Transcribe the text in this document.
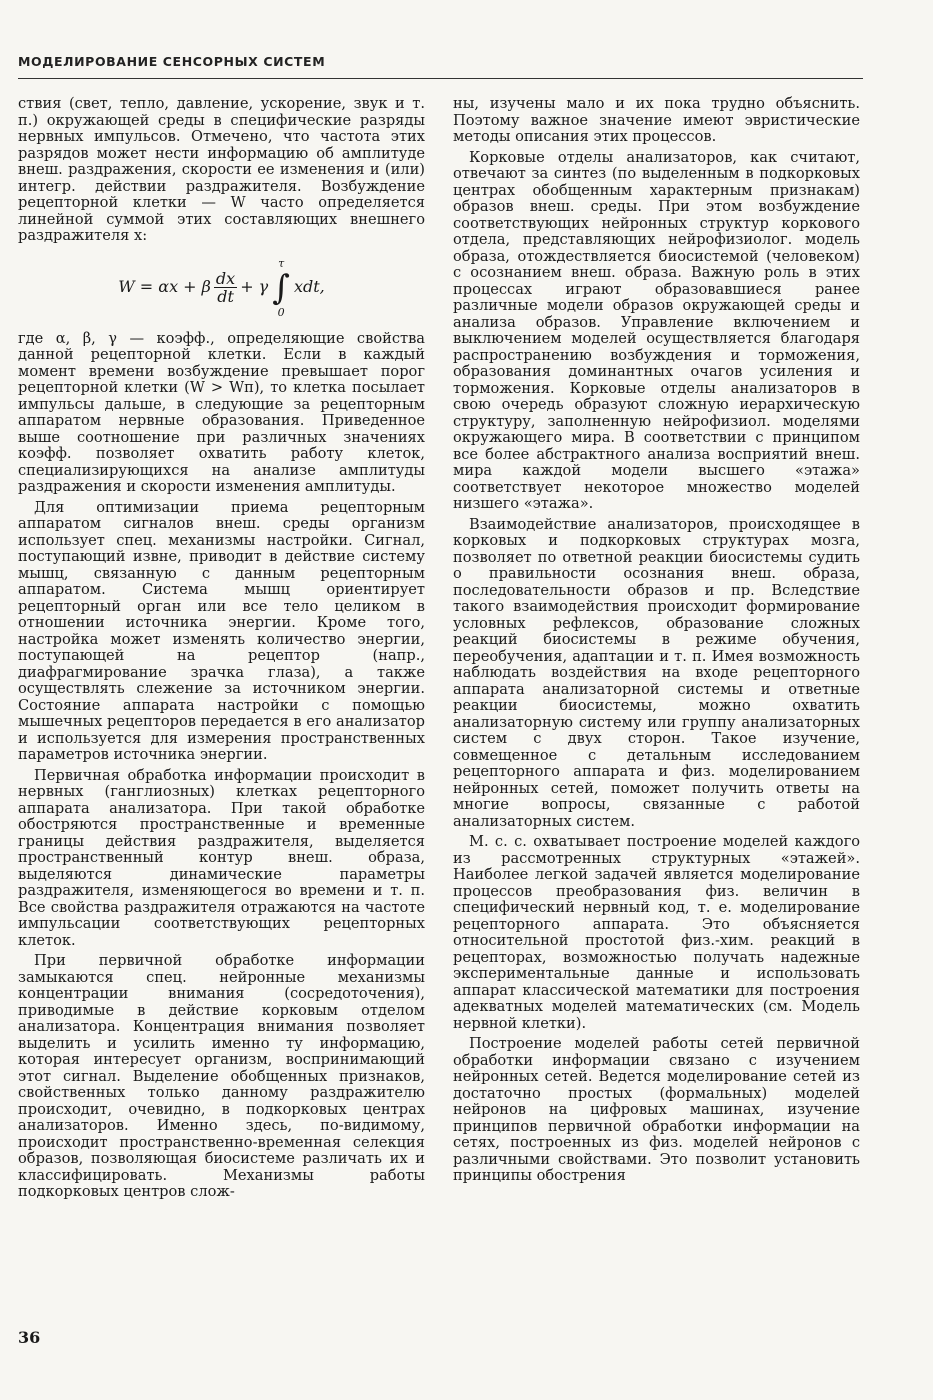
МОДЕЛИРОВАНИЕ СЕНСОРНЫХ СИСТЕМ

ствия (свет, тепло, давление, ускорение, звук и т. п.) окружающей среды в специфические разряды нервных импульсов. Отмечено, что частота этих разрядов может нести информацию об амплитуде внеш. раздражения, скорости ее изменения и (или) интегр. действии раздражителя. Возбуждение рецепторной клетки — W часто определяется линейной суммой этих составляющих внешнего раздражителя x:

W = αx + β $\frac{dx}{dt} + \gamma$
τ
∫
0
xdt,

где α, β, γ — коэфф., определяющие свойства данной рецепторной клетки. Если в каждый момент времени возбуждение превышает порог рецепторной клетки (W > Wп), то клетка посылает импульсы дальше, в следующие за рецепторным аппаратом нервные образования. Приведенное выше соотношение при различных значениях коэфф. позволяет охватить работу клеток, специализирующихся на анализе амплитуды раздражения и скорости изменения амплитуды.

Для оптимизации приема рецепторным аппаратом сигналов внеш. среды организм использует спец. механизмы настройки. Сигнал, поступающий извне, приводит в действие систему мышц, связанную с данным рецепторным аппаратом. Система мышц ориентирует рецепторный орган или все тело целиком в отношении источника энергии. Кроме того, настройка может изменять количество энергии, поступающей на рецептор (напр., диафрагмирование зрачка глаза), а также осуществлять слежение за источником энергии. Состояние аппарата настройки с помощью мышечных рецепторов передается в его анализатор и используется для измерения пространственных параметров источника энергии.

Первичная обработка информации происходит в нервных (ганглиозных) клетках рецепторного аппарата анализатора. При такой обработке обостряются пространственные и временные границы действия раздражителя, выделяется пространственный контур внеш. образа, выделяются динамические параметры раздражителя, изменяющегося во времени и т. п. Все свойства раздражителя отражаются на частоте импульсации соответствующих рецепторных клеток.

При первичной обработке информации замыкаются спец. нейронные механизмы концентрации внимания (сосредоточения), приводимые в действие корковым отделом анализатора. Концентрация внимания позволяет выделить и усилить именно ту информацию, которая интересует организм, воспринимающий этот сигнал. Выделение обобщенных признаков, свойственных только данному раздражителю происходит, очевидно, в подкорковых центрах анализаторов. Именно здесь, по-видимому, происходит пространственно-временная селекция образов, позволяющая биосистеме различать их и классифицировать. Механизмы работы подкорковых центров слож-

ны, изучены мало и их пока трудно объяснить. Поэтому важное значение имеют эвристические методы описания этих процессов.

Корковые отделы анализаторов, как считают, отвечают за синтез (по выделенным в подкорковых центрах обобщенным характерным признакам) образов внеш. среды. При этом возбуждение соответствующих нейронных структур коркового отдела, представляющих нейрофизиолог. модель образа, отождествляется биосистемой (человеком) с осознанием внеш. образа. Важную роль в этих процессах играют образовавшиеся ранее различные модели образов окружающей среды и анализа образов. Управление включением и выключением моделей осуществляется благодаря распространению возбуждения и торможения, образования доминантных очагов усиления и торможения. Корковые отделы анализаторов в свою очередь образуют сложную иерархическую структуру, заполненную нейрофизиол. моделями окружающего мира. В соответствии с принципом все более абстрактного анализа восприятий внеш. мира каждой модели высшего «этажа» соответствует некоторое множество моделей низшего «этажа».

Взаимодействие анализаторов, происходящее в корковых и подкорковых структурах мозга, позволяет по ответной реакции биосистемы судить о правильности осознания внеш. образа, последовательности образов и пр. Вследствие такого взаимодействия происходит формирование условных рефлексов, образование сложных реакций биосистемы в режиме обучения, переобучения, адаптации и т. п. Имея возможность наблюдать воздействия на входе рецепторного аппарата анализаторной системы и ответные реакции биосистемы, можно охватить анализаторную систему или группу анализаторных систем с двух сторон. Такое изучение, совмещенное с детальным исследованием рецепторного аппарата и физ. моделированием нейронных сетей, поможет получить ответы на многие вопросы, связанные с работой анализаторных систем.

М. с. с. охватывает построение моделей каждого из рассмотренных структурных «этажей». Наиболее легкой задачей является моделирование процессов преобразования физ. величин в специфический нервный код, т. е. моделирование рецепторного аппарата. Это объясняется относительной простотой физ.-хим. реакций в рецепторах, возможностью получать надежные экспериментальные данные и использовать аппарат классической математики для построения адекватных моделей математических (см. Модель нервной клетки).

Построение моделей работы сетей первичной обработки информации связано с изучением нейронных сетей. Ведется моделирование сетей из достаточно простых (формальных) моделей нейронов на цифровых машинах, изучение принципов первичной обработки информации на сетях, построенных из физ. моделей нейронов с различными свойствами. Это позволит установить принципы обострения

36
